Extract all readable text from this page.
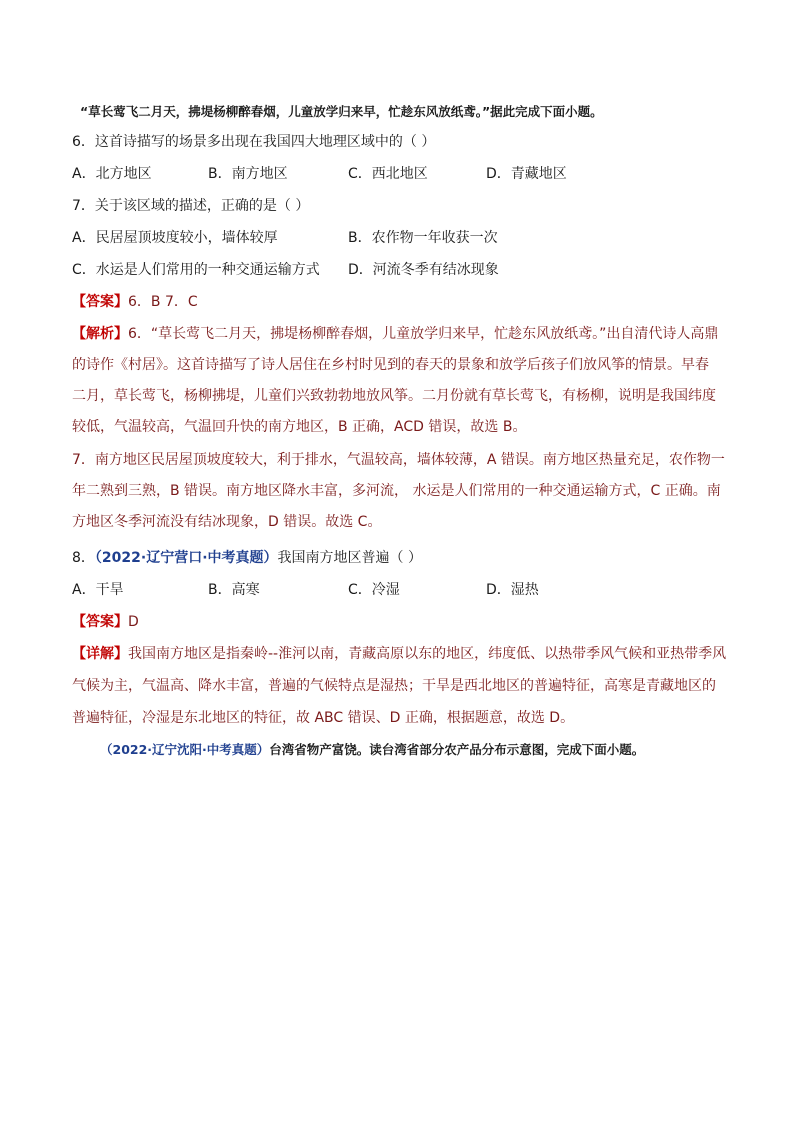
“草长莺飞二月天，拂堤杨柳醉春烟，儿童放学归来早，忙趁东风放纸鸢。”据此完成下面小题。
6．这首诗描写的场景多出现在我国四大地理区域中的（ ）
A．北方地区	B．南方地区	C．西北地区	D．青藏地区
7．关于该区域的描述，正确的是（ ）
A．民居屋顶坡度较小，墙体较厚	B．农作物一年收获一次
C．水运是人们常用的一种交通运输方式 D．河流冬季有结冰现象
【答案】6．B 7．C
【解析】6．“草长莺飞二月天，拂堤杨柳醉春烟，儿童放学归来早，忙趁东风放纸鸢。”出自清代诗人高鼎
的诗作《村居》。这首诗描写了诗人居住在乡村时见到的春天的景象和放学后孩子们放风筝的情景。早春
二月，草长莺飞，杨柳拂堤，儿童们兴致勃勃地放风筝。二月份就有草长莺飞，有杨柳，说明是我国纬度
较低，气温较高，气温回升快的南方地区，B 正确，ACD 错误，故选 B。
7．南方地区民居屋顶坡度较大，利于排水，气温较高，墙体较薄，A 错误。南方地区热量充足，农作物一
年二熟到三熟，B 错误。南方地区降水丰富，多河流， 水运是人们常用的一种交通运输方式，C 正确。南
方地区冬季河流没有结冰现象，D 错误。故选 C。
8．（2022·辽宁营口·中考真题）我国南方地区普遍（ ）
A．干旱	B．高寒	C．冷湿	D．湿热
【答案】D
【详解】我国南方地区是指秦岭--淮河以南，青藏高原以东的地区，纬度低、以热带季风气候和亚热带季风
气候为主，气温高、降水丰富，普遍的气候特点是湿热；干旱是西北地区的普遍特征，高寒是青藏地区的
普遍特征，冷湿是东北地区的特征，故 ABC 错误、D 正确，根据题意，故选 D。
（2022·辽宁沈阳·中考真题）台湾省物产富饶。读台湾省部分农产品分布示意图，完成下面小题。
